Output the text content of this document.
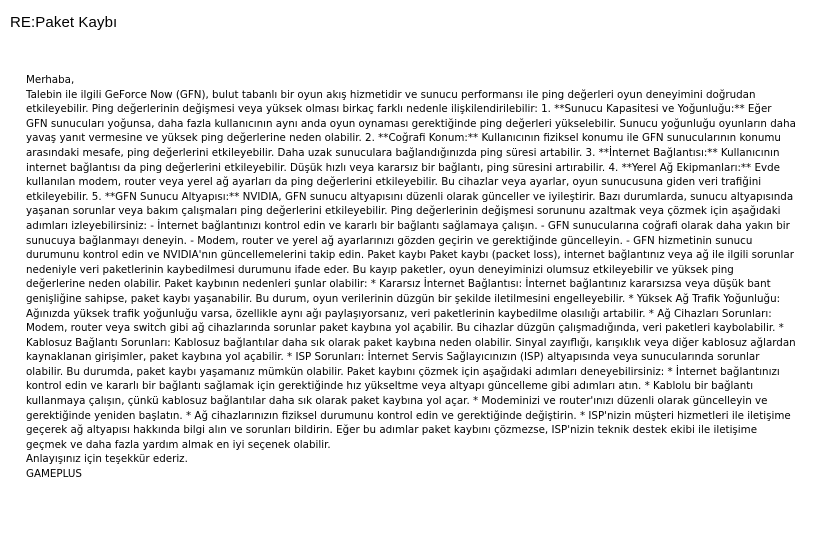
RE:Paket Kaybı
Merhaba,
Talebin ile ilgili GeForce Now (GFN), bulut tabanlı bir oyun akış hizmetidir ve sunucu performansı ile ping değerleri oyun deneyimini doğrudan etkileyebilir. Ping değerlerinin değişmesi veya yüksek olması birkaç farklı nedenle ilişkilendirilebilir: 1. **Sunucu Kapasitesi ve Yoğunluğu:** Eğer GFN sunucuları yoğunsa, daha fazla kullanıcının aynı anda oyun oynaması gerektiğinde ping değerleri yükselebilir. Sunucu yoğunluğu oyunların daha yavaş yanıt vermesine ve yüksek ping değerlerine neden olabilir. 2. **Coğrafi Konum:** Kullanıcının fiziksel konumu ile GFN sunucularının konumu arasındaki mesafe, ping değerlerini etkileyebilir. Daha uzak sunuculara bağlandığınızda ping süresi artabilir. 3. **İnternet Bağlantısı:** Kullanıcının internet bağlantısı da ping değerlerini etkileyebilir. Düşük hızlı veya kararsız bir bağlantı, ping süresini artırabilir. 4. **Yerel Ağ Ekipmanları:** Evde kullanılan modem, router veya yerel ağ ayarları da ping değerlerini etkileyebilir. Bu cihazlar veya ayarlar, oyun sunucusuna giden veri trafiğini etkileyebilir. 5. **GFN Sunucu Altyapısı:** NVIDIA, GFN sunucu altyapısını düzenli olarak günceller ve iyileştirir. Bazı durumlarda, sunucu altyapısında yaşanan sorunlar veya bakım çalışmaları ping değerlerini etkileyebilir. Ping değerlerinin değişmesi sorununu azaltmak veya çözmek için aşağıdaki adımları izleyebilirsiniz: - İnternet bağlantınızı kontrol edin ve kararlı bir bağlantı sağlamaya çalışın. - GFN sunucularına coğrafi olarak daha yakın bir sunucuya bağlanmayı deneyin. - Modem, router ve yerel ağ ayarlarınızı gözden geçirin ve gerektiğinde güncelleyin. - GFN hizmetinin sunucu durumunu kontrol edin ve NVIDIA'nın güncellemelerini takip edin. Paket kaybı Paket kaybı (packet loss), internet bağlantınız veya ağ ile ilgili sorunlar nedeniyle veri paketlerinin kaybedilmesi durumunu ifade eder. Bu kayıp paketler, oyun deneyiminizi olumsuz etkileyebilir ve yüksek ping değerlerine neden olabilir. Paket kaybının nedenleri şunlar olabilir: * Kararsız İnternet Bağlantısı: İnternet bağlantınız kararsızsa veya düşük bant genişliğine sahipse, paket kaybı yaşanabilir. Bu durum, oyun verilerinin düzgün bir şekilde iletilmesini engelleyebilir. * Yüksek Ağ Trafik Yoğunluğu: Ağınızda yüksek trafik yoğunluğu varsa, özellikle aynı ağı paylaşıyorsanız, veri paketlerinin kaybedilme olasılığı artabilir. * Ağ Cihazları Sorunları: Modem, router veya switch gibi ağ cihazlarında sorunlar paket kaybına yol açabilir. Bu cihazlar düzgün çalışmadığında, veri paketleri kaybolabilir. * Kablosuz Bağlantı Sorunları: Kablosuz bağlantılar daha sık olarak paket kaybına neden olabilir. Sinyal zayıflığı, karışıklık veya diğer kablosuz ağlardan kaynaklanan girişimler, paket kaybına yol açabilir. * ISP Sorunları: İnternet Servis Sağlayıcınızın (ISP) altyapısında veya sunucularında sorunlar olabilir. Bu durumda, paket kaybı yaşamanız mümkün olabilir. Paket kaybını çözmek için aşağıdaki adımları deneyebilirsiniz: * İnternet bağlantınızı kontrol edin ve kararlı bir bağlantı sağlamak için gerektiğinde hız yükseltme veya altyapı güncelleme gibi adımları atın. * Kablolu bir bağlantı kullanmaya çalışın, çünkü kablosuz bağlantılar daha sık olarak paket kaybına yol açar. * Modeminizi ve router'ınızı düzenli olarak güncelleyin ve gerektiğinde yeniden başlatın. * Ağ cihazlarınızın fiziksel durumunu kontrol edin ve gerektiğinde değiştirin. * ISP'nizin müşteri hizmetleri ile iletişime geçerek ağ altyapısı hakkında bilgi alın ve sorunları bildirin. Eğer bu adımlar paket kaybını çözmezse, ISP'nizin teknik destek ekibi ile iletişime geçmek ve daha fazla yardım almak en iyi seçenek olabilir.
Anlayışınız için teşekkür ederiz.
GAMEPLUS
